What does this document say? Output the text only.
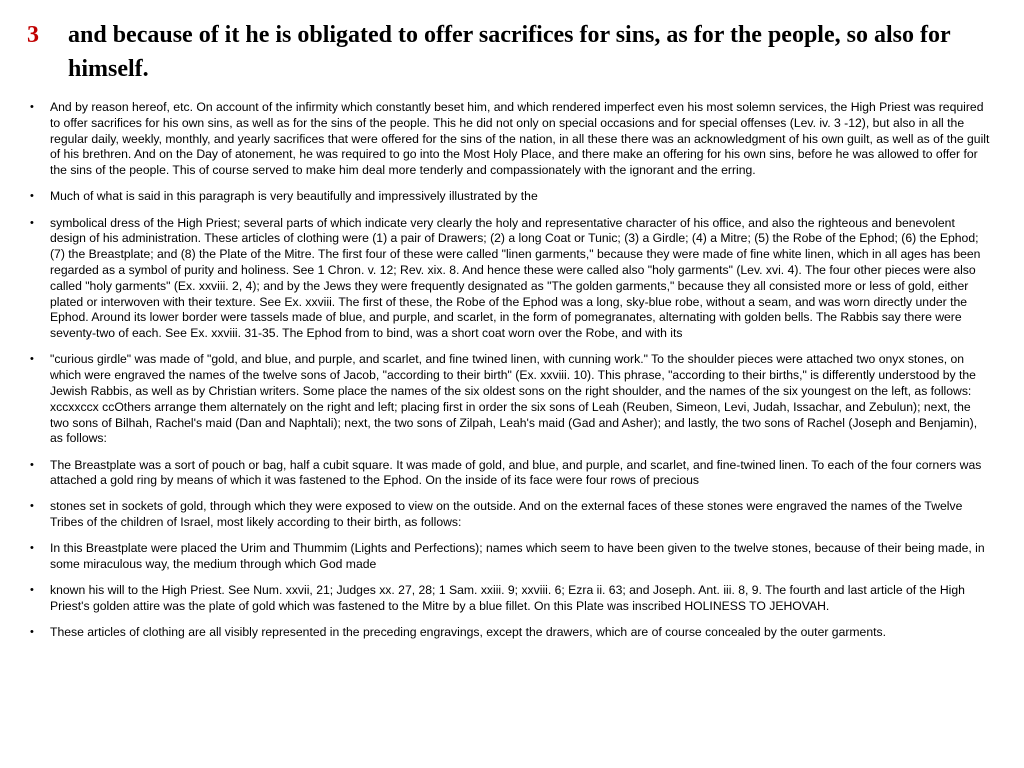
3 and because of it he is obligated to offer sacrifices for sins, as for the people, so also for himself.
• And by reason hereof, etc. On account of the infirmity which constantly beset him, and which rendered imperfect even his most solemn services, the High Priest was required to offer sacrifices for his own sins, as well as for the sins of the people. This he did not only on special occasions and for special offenses (Lev. iv. 3 -12), but also in all the regular daily, weekly, monthly, and yearly sacrifices that were offered for the sins of the nation, in all these there was an acknowledgment of his own guilt, as well as of the guilt of his brethren. And on the Day of atonement, he was required to go into the Most Holy Place, and there make an offering for his own sins, before he was allowed to offer for the sins of the people. This of course served to make him deal more tenderly and compassionately with the ignorant and the erring.
• Much of what is said in this paragraph is very beautifully and impressively illustrated by the
• symbolical dress of the High Priest; several parts of which indicate very clearly the holy and representative character of his office, and also the righteous and benevolent design of his administration. These articles of clothing were (1) a pair of Drawers; (2) a long Coat or Tunic; (3) a Girdle; (4) a Mitre; (5) the Robe of the Ephod; (6) the Ephod; (7) the Breastplate; and (8) the Plate of the Mitre. The first four of these were called "linen garments," because they were made of fine white linen, which in all ages has been regarded as a symbol of purity and holiness. See 1 Chron. v. 12; Rev. xix. 8. And hence these were called also "holy garments" (Lev. xvi. 4). The four other pieces were also called "holy garments" (Ex. xxviii. 2, 4); and by the Jews they were frequently designated as "The golden garments," because they all consisted more or less of gold, either plated or interwoven with their texture. See Ex. xxviii. The first of these, the Robe of the Ephod was a long, sky-blue robe, without a seam, and was worn directly under the Ephod. Around its lower border were tassels made of blue, and purple, and scarlet, in the form of pomegranates, alternating with golden bells. The Rabbis say there were seventy-two of each. See Ex. xxviii. 31-35. The Ephod from to bind, was a short coat worn over the Robe, and with its
• "curious girdle" was made of "gold, and blue, and purple, and scarlet, and fine twined linen, with cunning work." To the shoulder pieces were attached two onyx stones, on which were engraved the names of the twelve sons of Jacob, "according to their birth" (Ex. xxviii. 10). This phrase, "according to their births," is differently understood by the Jewish Rabbis, as well as by Christian writers. Some place the names of the six oldest sons on the right shoulder, and the names of the six youngest on the left, as follows: xccxxccx ccOthers arrange them alternately on the right and left; placing first in order the six sons of Leah (Reuben, Simeon, Levi, Judah, Issachar, and Zebulun); next, the two sons of Bilhah, Rachel's maid (Dan and Naphtali); next, the two sons of Zilpah, Leah's maid (Gad and Asher); and lastly, the two sons of Rachel (Joseph and Benjamin), as follows:
• The Breastplate was a sort of pouch or bag, half a cubit square. It was made of gold, and blue, and purple, and scarlet, and fine-twined linen. To each of the four corners was attached a gold ring by means of which it was fastened to the Ephod. On the inside of its face were four rows of precious
• stones set in sockets of gold, through which they were exposed to view on the outside. And on the external faces of these stones were engraved the names of the Twelve Tribes of the children of Israel, most likely according to their birth, as follows:
• In this Breastplate were placed the Urim and Thummim (Lights and Perfections); names which seem to have been given to the twelve stones, because of their being made, in some miraculous way, the medium through which God made
• known his will to the High Priest. See Num. xxvii, 21; Judges xx. 27, 28; 1 Sam. xxiii. 9; xxviii. 6; Ezra ii. 63; and Joseph. Ant. iii. 8, 9. The fourth and last article of the High Priest's golden attire was the plate of gold which was fastened to the Mitre by a blue fillet. On this Plate was inscribed HOLINESS TO JEHOVAH.
• These articles of clothing are all visibly represented in the preceding engravings, except the drawers, which are of course concealed by the outer garments.
